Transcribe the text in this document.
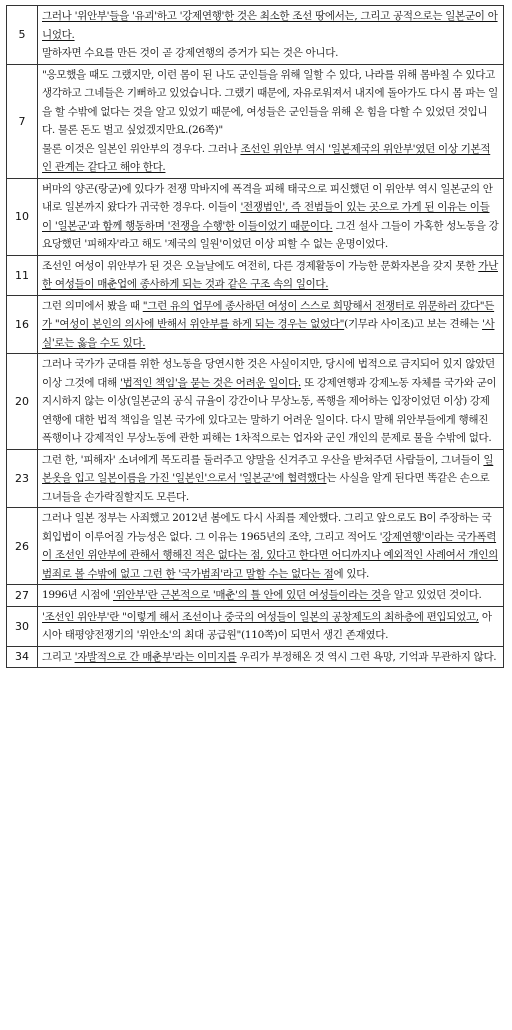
5	그러나 '위안부'들을 '유괴'하고 '강제연행'한 것은 최소한 조선 땅에서는, 그리고 공적으로는 일본군이 아니었다.
말하자면 수요를 만든 것이 곧 강제연행의 증거가 되는 것은 아니다.

7	"응모했을 때도 그랬지만, 이런 몸이 된 나도 군인들을 위해 일할 수 있다, 나라를 위해 몸바칠 수 있다고 생각하고 그네들은 기뻐하고 있었습니다. 그랬기 때문에, 자유로워져서 내지에 돌아가도 다시 몸 파는 일을 할 수밖에 없다는 것을 알고 있었기 때문에, 여성들은 군인들을 위해 온 힘을 다할 수 있었던 것입니다. 물론 돈도 벌고 싶었겠지만요.(26쪽)"
물론 이것은 일본인 위안부의 경우다. 그러나 조선인 위안부 역시 '일본제국의 위안부'였던 이상 기본적인 관계는 같다고 해야 한다.

10	버마의 양곤(랑군)에 있다가 전쟁 막바지에 폭격을 피해 태국으로 피신했던 이 위안부 역시 일본군의 안내로 일본까지 왔다가 귀국한 경우다. 이들이 '전쟁범인', 즉 전범들이 있는 곳으로 가게 된 이유는 이들이 '일본군'과 함께 행동하며 '전쟁을 수행'한 이들이었기 때문이다. 그건 설사 그들이 가혹한 성노동을 강요당했던 '피해자'라고 해도 '제국의 일원'이었던 이상 피할 수 없는 운명이었다.

11	조선인 여성이 위안부가 된 것은 오늘날에도 여전히, 다른 경제활동이 가능한 문화자본을 갖지 못한 가난한 여성들이 매춘업에 종사하게 되는 것과 같은 구조 속의 일이다.

16	그런 의미에서 봤을 때 "그런 유의 업무에 종사하던 여성이 스스로 희망해서 전쟁터로 위문하러 갔다"든가 "여성이 본인의 의사에 반해서 위안부를 하게 되는 경우는 없었다"(기무라 사이조)고 보는 견해는 '사실'로는 옳을 수도 있다.

20	그러나 국가가 군대를 위한 성노동을 당연시한 것은 사실이지만, 당시에 법적으로 금지되어 있지 않았던 이상 그것에 대해 '법적인 책임'을 묻는 것은 어려운 일이다. 또 강제연행과 강제노동 자체를 국가와 군이 지시하지 않는 이상(일본군의 공식 규율이 강간이나 무상노동, 폭행을 제어하는 입장이었던 이상) 강제연행에 대한 법적 책임을 일본 국가에 있다고는 말하기 어려운 일이다. 다시 말해 위안부들에게 행해진 폭행이나 강제적인 무상노동에 관한 피해는 1차적으로는 업자와 군인 개인의 문제로 물을 수밖에 없다.

23	그런 한, '피해자' 소녀에게 목도리를 둘러주고 양말을 신겨주고 우산을 받쳐주던 사람들이, 그녀들이 일본옷을 입고 일본이름을 가진 '일본인'으로서 '일본군'에 협력했다는 사실을 알게 된다면 똑같은 손으로 그녀들을 손가락질할지도 모른다.

26	그러나 일본 정부는 사죄했고 2012년 봄에도 다시 사죄를 제안했다. 그리고 앞으로도 B이 주장하는 국회입법이 이루어질 가능성은 없다. 그 이유는 1965년의 조약, 그리고 적어도 '강제연행'이라는 국가폭력이 조선인 위안부에 관해서 행해진 적은 없다는 점, 있다고 한다면 어디까지나 예외적인 사례여서 개인의 범죄로 볼 수밖에 없고 그런 한 '국가범죄'라고 말할 수는 없다는 점에 있다.

27	1996년 시점에 '위안부'란 근본적으로 '매춘'의 틀 안에 있던 여성들이라는 것을 알고 있었던 것이다.

30	'조선인 위안부'란 "이렇게 해서 조선이나 중국의 여성들이 일본의 공창제도의 최하층에 편입되었고, 아시아 태평양전쟁기의 '위안소'의 최대 공급원"(110쪽)이 되면서 생긴 존재였다.

34	그리고 '자발적으로 간 매춘부'라는 이미지를 우리가 부정해온 것 역시 그런 욕망, 기억과 무관하지 않다.
